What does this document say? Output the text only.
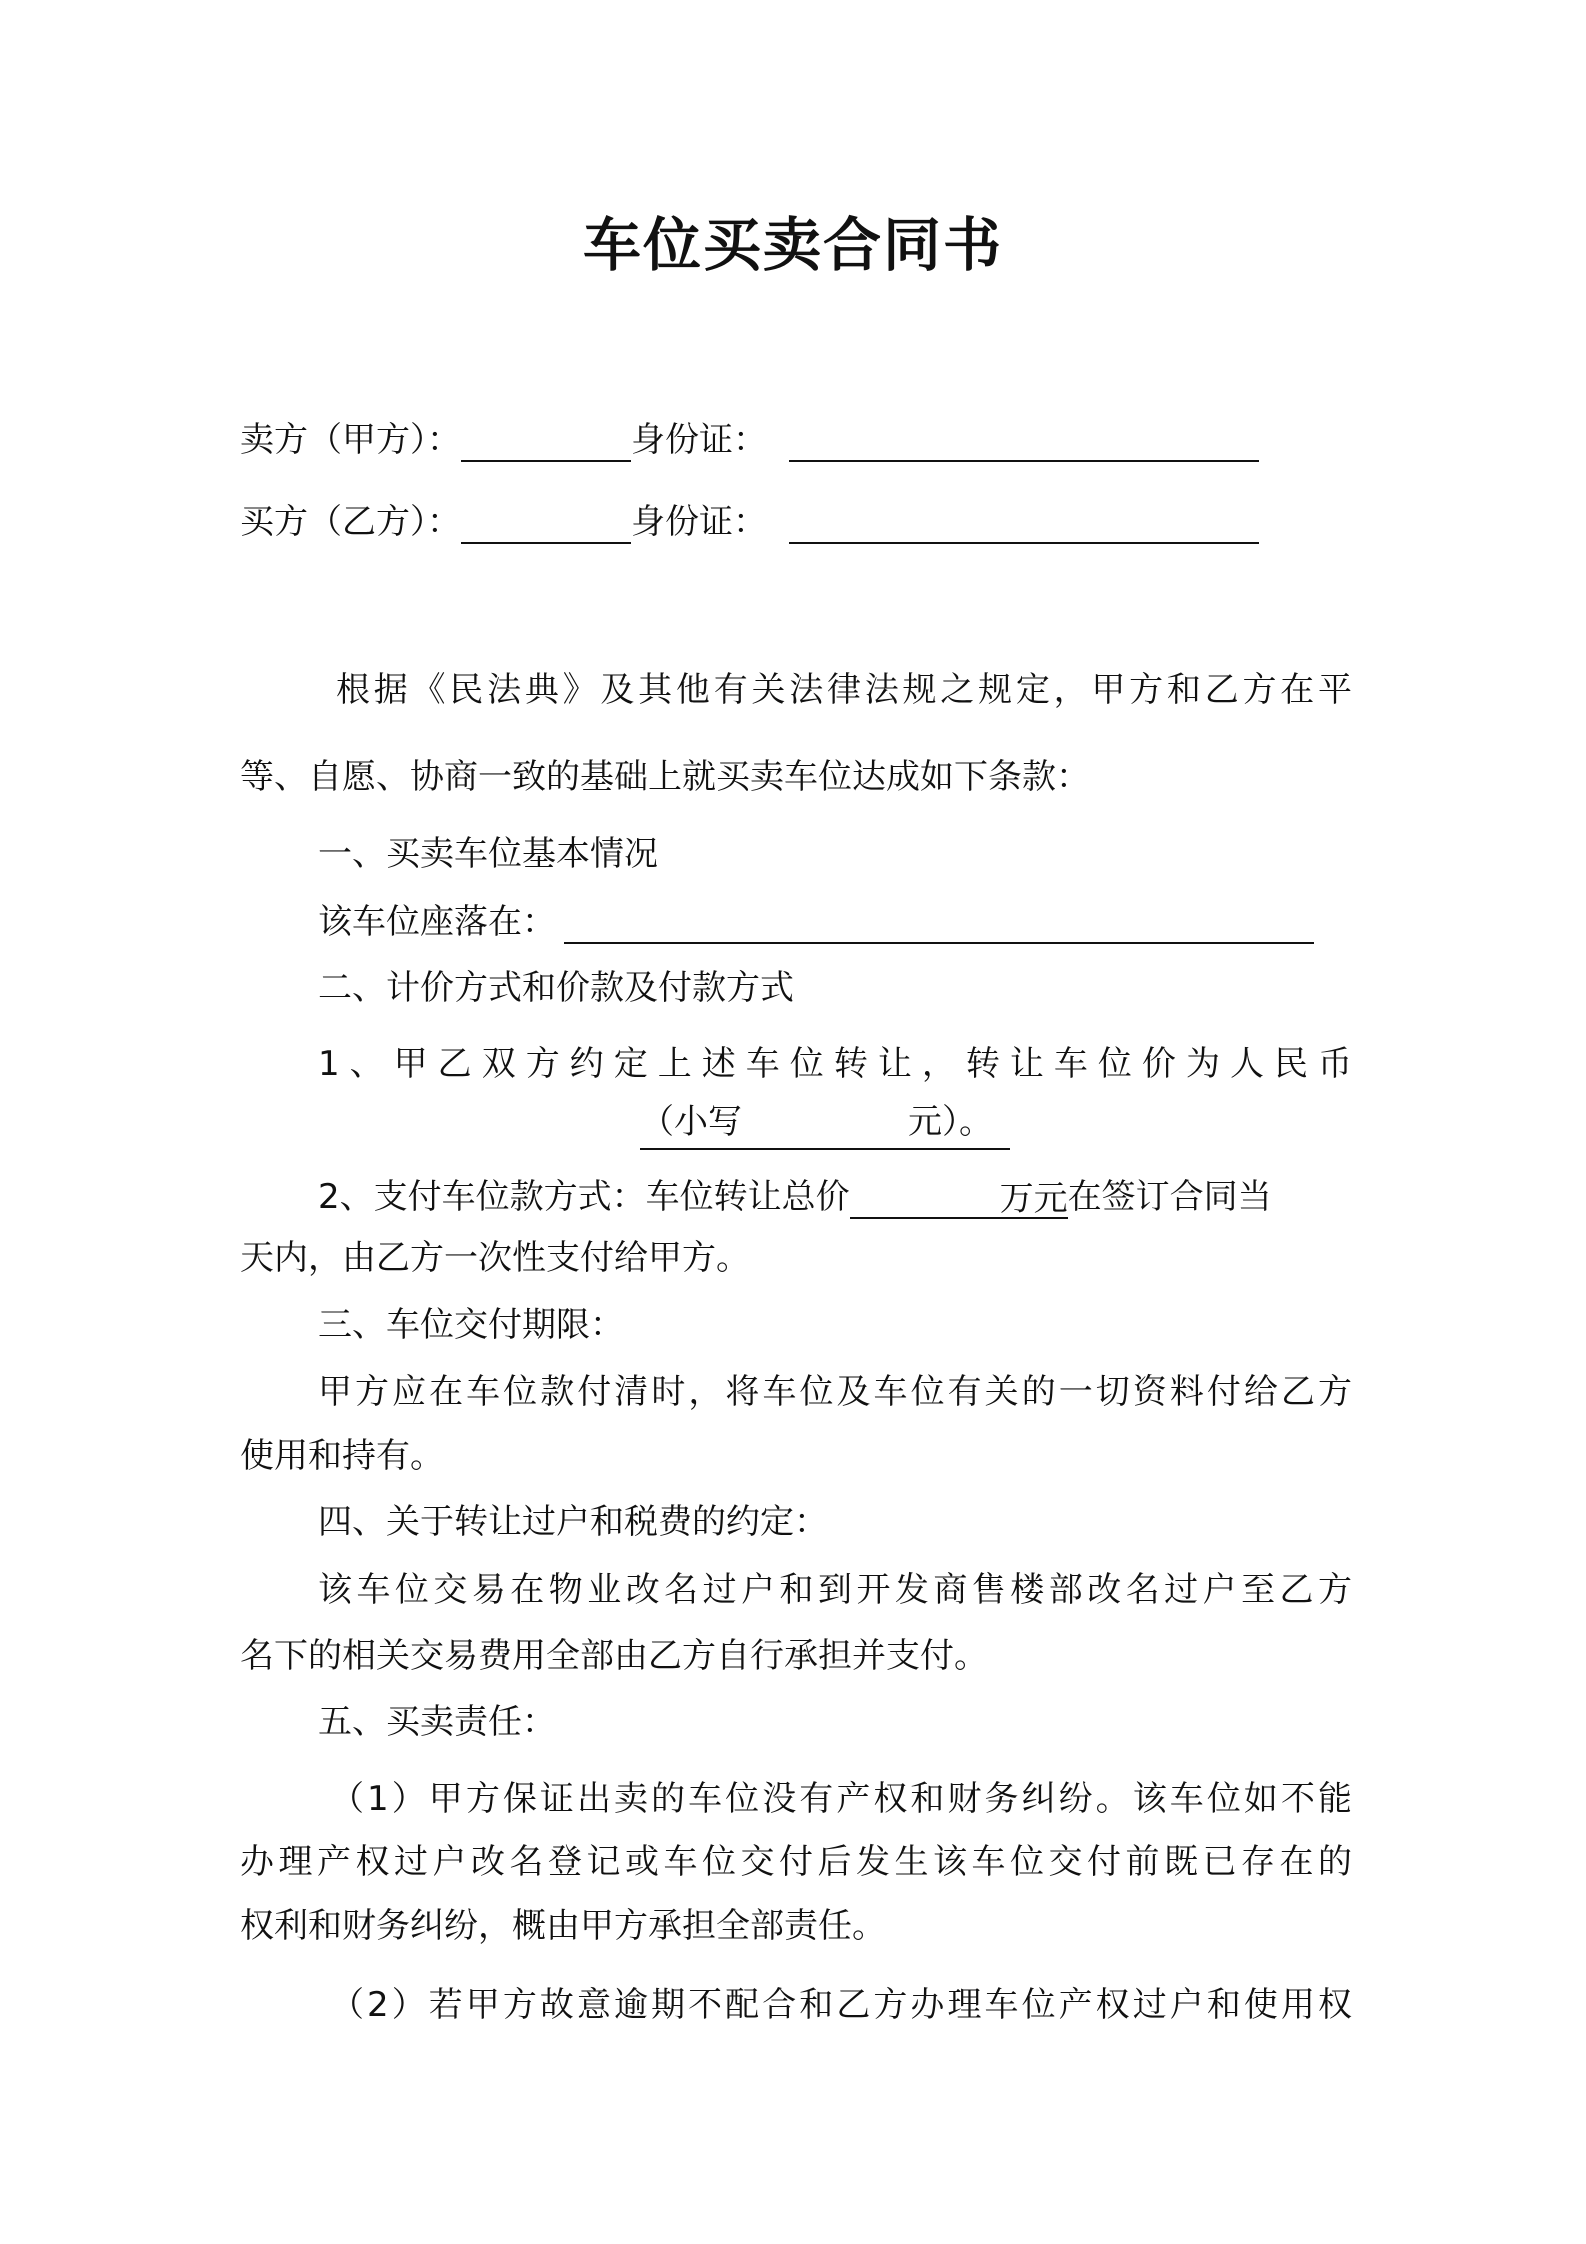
车位买卖合同书
卖方（甲方）：	身份证：
买方（乙方）：	身份证：
根据《民法典》及其他有关法律法规之规定，甲方和乙方在平
等、自愿、协商一致的基础上就买卖车位达成如下条款：
一、买卖车位基本情况
该车位座落在：
二、计价方式和价款及付款方式
1、甲乙双方约定上述车位转让，转让车位价为人民币
（小写	元）。
2、支付车位款方式：车位转让总价	万元在签订合同当
天内，由乙方一次性支付给甲方。
三、车位交付期限：
甲方应在车位款付清时，将车位及车位有关的一切资料付给乙方
使用和持有。
四、关于转让过户和税费的约定：
该车位交易在物业改名过户和到开发商售楼部改名过户至乙方
名下的相关交易费用全部由乙方自行承担并支付。
五、买卖责任：
（1）甲方保证出卖的车位没有产权和财务纠纷。该车位如不能
办理产权过户改名登记或车位交付后发生该车位交付前既已存在的
权利和财务纠纷，概由甲方承担全部责任。
（2）若甲方故意逾期不配合和乙方办理车位产权过户和使用权
